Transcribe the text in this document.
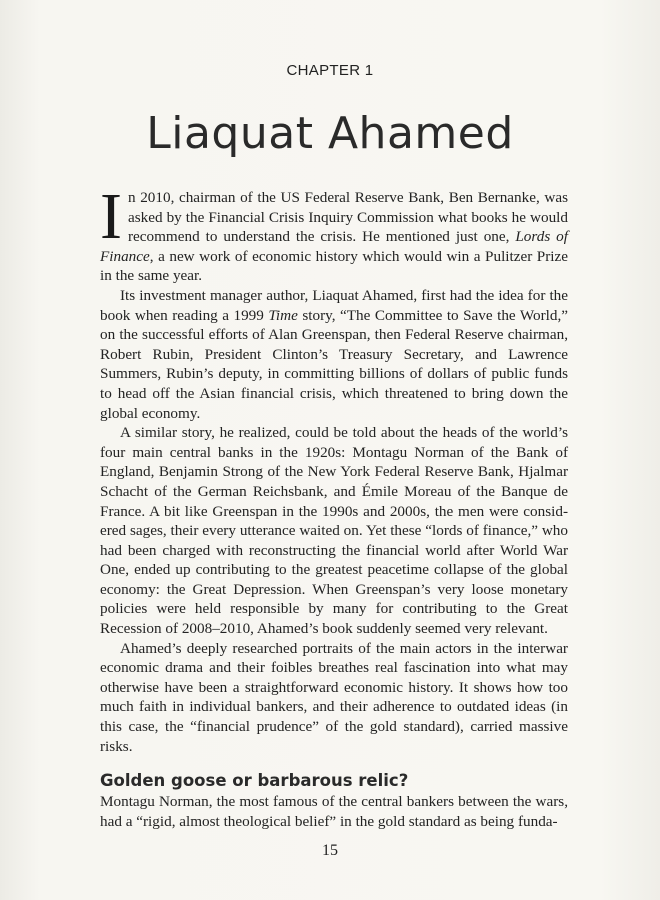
CHAPTER 1
Liaquat Ahamed

In 2010, chairman of the US Federal Reserve Bank, Ben Bernanke, was asked by the Financial Crisis Inquiry Commission what books he would recommend to understand the crisis. He mentioned just one, Lords of Finance, a new work of economic history which would win a Pulitzer Prize in the same year.

Its investment manager author, Liaquat Ahamed, first had the idea for the book when reading a 1999 Time story, “The Committee to Save the World,” on the successful efforts of Alan Greenspan, then Federal Reserve chairman, Robert Rubin, President Clinton’s Treasury Secretary, and Lawrence Summers, Rubin’s deputy, in committing billions of dollars of public funds to head off the Asian financial crisis, which threatened to bring down the global economy.

A similar story, he realized, could be told about the heads of the world’s four main central banks in the 1920s: Montagu Norman of the Bank of England, Benjamin Strong of the New York Federal Reserve Bank, Hjalmar Schacht of the German Reichsbank, and Émile Moreau of the Banque de France. A bit like Greenspan in the 1990s and 2000s, the men were considered sages, their every utterance waited on. Yet these “lords of finance,” who had been charged with reconstructing the financial world after World War One, ended up contributing to the greatest peacetime collapse of the global economy: the Great Depression. When Greenspan’s very loose monetary policies were held responsible by many for contributing to the Great Recession of 2008–2010, Ahamed’s book suddenly seemed very relevant.

Ahamed’s deeply researched portraits of the main actors in the interwar economic drama and their foibles breathes real fascination into what may otherwise have been a straightforward economic history. It shows how too much faith in individual bankers, and their adherence to outdated ideas (in this case, the “financial prudence” of the gold standard), carried massive risks.

Golden goose or barbarous relic?

Montagu Norman, the most famous of the central bankers between the wars, had a “rigid, almost theological belief” in the gold standard as being funda-

15
